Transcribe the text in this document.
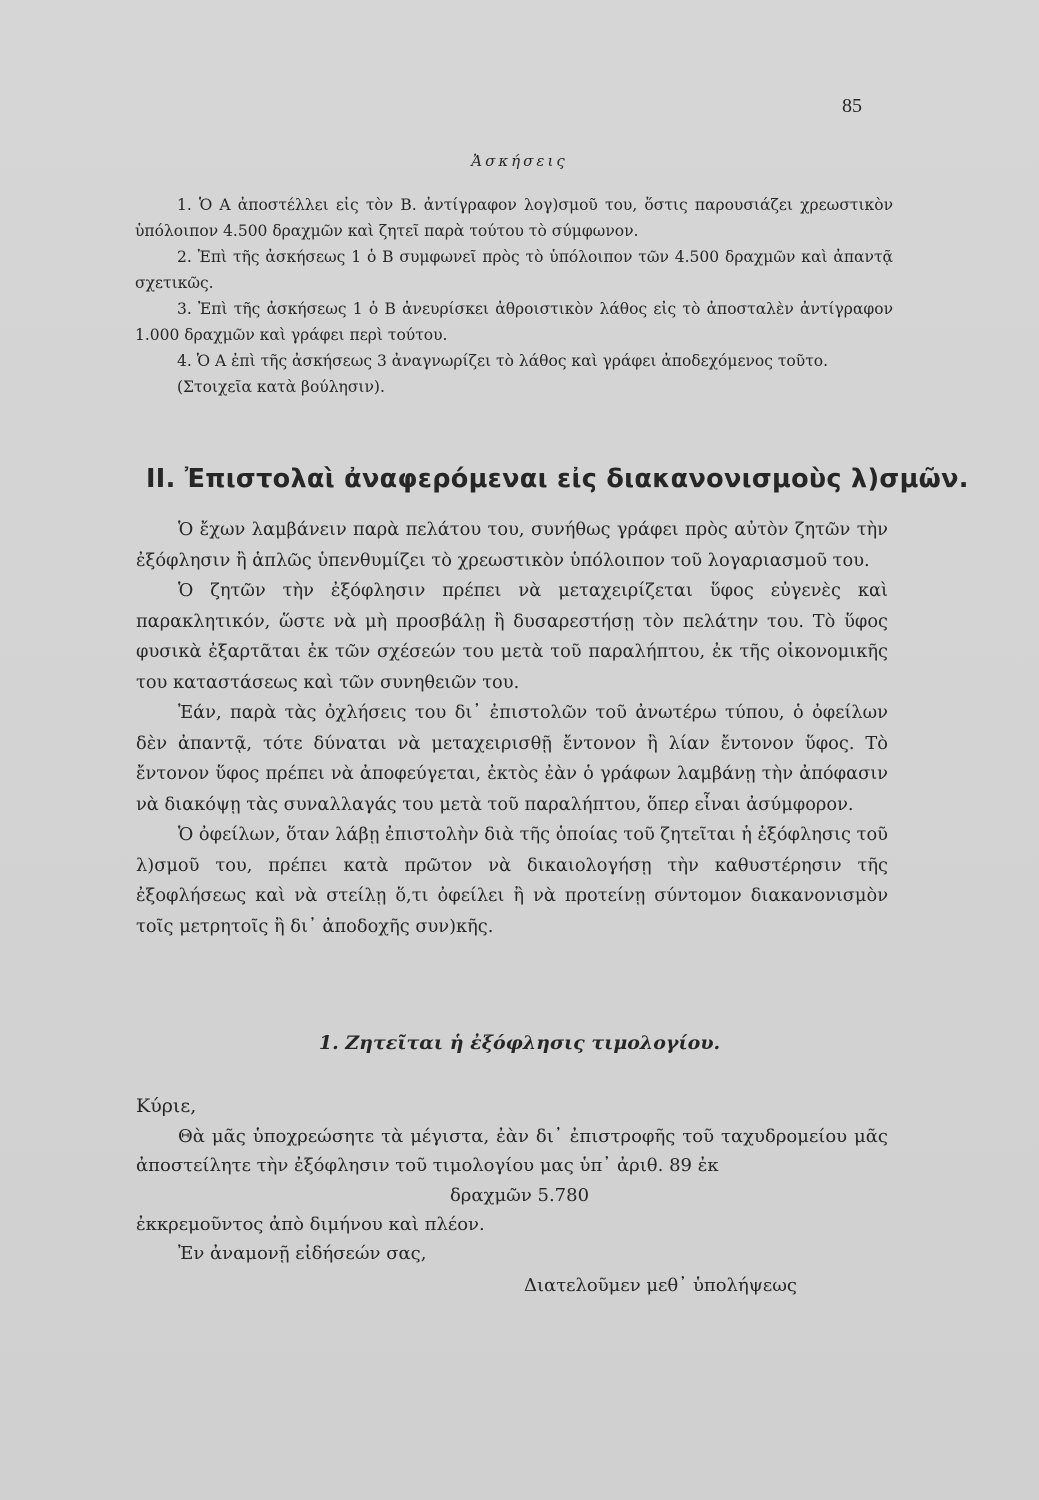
85
Ἀσκήσεις

1. Ὁ Α ἀποστέλλει εἰς τὸν Β. ἀντίγραφον λογ)σμοῦ του, ὅστις παρουσιάζει χρεωστικὸν ὑπόλοιπον 4.500 δραχμῶν καὶ ζητεῖ παρὰ τούτου τὸ σύμφωνον.

2. Ἐπὶ τῆς ἀσκήσεως 1 ὁ Β συμφωνεῖ πρὸς τὸ ὑπόλοιπον τῶν 4.500 δραχμῶν καὶ ἀπαντᾷ σχετικῶς.

3. Ἐπὶ τῆς ἀσκήσεως 1 ὁ Β ἀνευρίσκει ἀθροιστικὸν λάθος εἰς τὸ ἀποσταλὲν ἀντίγραφον 1.000 δραχμῶν καὶ γράφει περὶ τούτου.

4. Ὁ Α ἐπὶ τῆς ἀσκήσεως 3 ἀναγνωρίζει τὸ λάθος καὶ γράφει ἀποδεχόμενος τοῦτο.

(Στοιχεῖα κατὰ βούλησιν).

II. Ἐπιστολαὶ ἀναφερόμεναι εἰς διακανονισμοὺς λ)σμῶν.

Ὁ ἔχων λαμβάνειν παρὰ πελάτου του, συνήθως γράφει πρὸς αὐτὸν ζητῶν τὴν ἐξόφλησιν ἢ ἁπλῶς ὑπενθυμίζει τὸ χρεωστικὸν ὑπόλοιπον τοῦ λογαριασμοῦ του.

Ὁ ζητῶν τὴν ἐξόφλησιν πρέπει νὰ μεταχειρίζεται ὕφος εὐγενὲς καὶ παρακλητικόν, ὥστε νὰ μὴ προσβάλῃ ἢ δυσαρεστήσῃ τὸν πελάτην του. Τὸ ὕφος φυσικὰ ἐξαρτᾶται ἐκ τῶν σχέσεών του μετὰ τοῦ παραλήπτου, ἐκ τῆς οἰκονομικῆς του καταστάσεως καὶ τῶν συνηθειῶν του.

Ἐάν, παρὰ τὰς ὀχλήσεις του δι᾽ ἐπιστολῶν τοῦ ἀνωτέρω τύπου, ὁ ὀφείλων δὲν ἀπαντᾷ, τότε δύναται νὰ μεταχειρισθῇ ἔντονον ἢ λίαν ἔντονον ὕφος. Τὸ ἔντονον ὕφος πρέπει νὰ ἀποφεύγεται, ἐκτὸς ἐὰν ὁ γράφων λαμβάνῃ τὴν ἀπόφασιν νὰ διακόψῃ τὰς συναλλαγάς του μετὰ τοῦ παραλήπτου, ὅπερ εἶναι ἀσύμφορον.

Ὁ ὀφείλων, ὅταν λάβῃ ἐπιστολὴν διὰ τῆς ὁποίας τοῦ ζητεῖται ἡ ἐξόφλησις τοῦ λ)σμοῦ του, πρέπει κατὰ πρῶτον νὰ δικαιολογήσῃ τὴν καθυστέρησιν τῆς ἐξοφλήσεως καὶ νὰ στείλῃ ὅ,τι ὀφείλει ἢ νὰ προτείνῃ σύντομον διακανονισμὸν τοῖς μετρητοῖς ἢ δι᾽ ἀποδοχῆς συν)κῆς.

1. Ζητεῖται ἡ ἐξόφλησις τιμολογίου.
Κύριε,

Θὰ μᾶς ὑποχρεώσητε τὰ μέγιστα, ἐὰν δι᾽ ἐπιστροφῆς τοῦ ταχυδρομείου μᾶς ἀποστείλητε τὴν ἐξόφλησιν τοῦ τιμολογίου μας ὑπ᾽ ἀριθ. 89 ἐκ

δραχμῶν 5.780
ἐκκρεμοῦντος ἀπὸ διμήνου καὶ πλέον.
Ἐν ἀναμονῇ εἰδήσεών σας,
Διατελοῦμεν μεθ᾽ ὑπολήψεως
